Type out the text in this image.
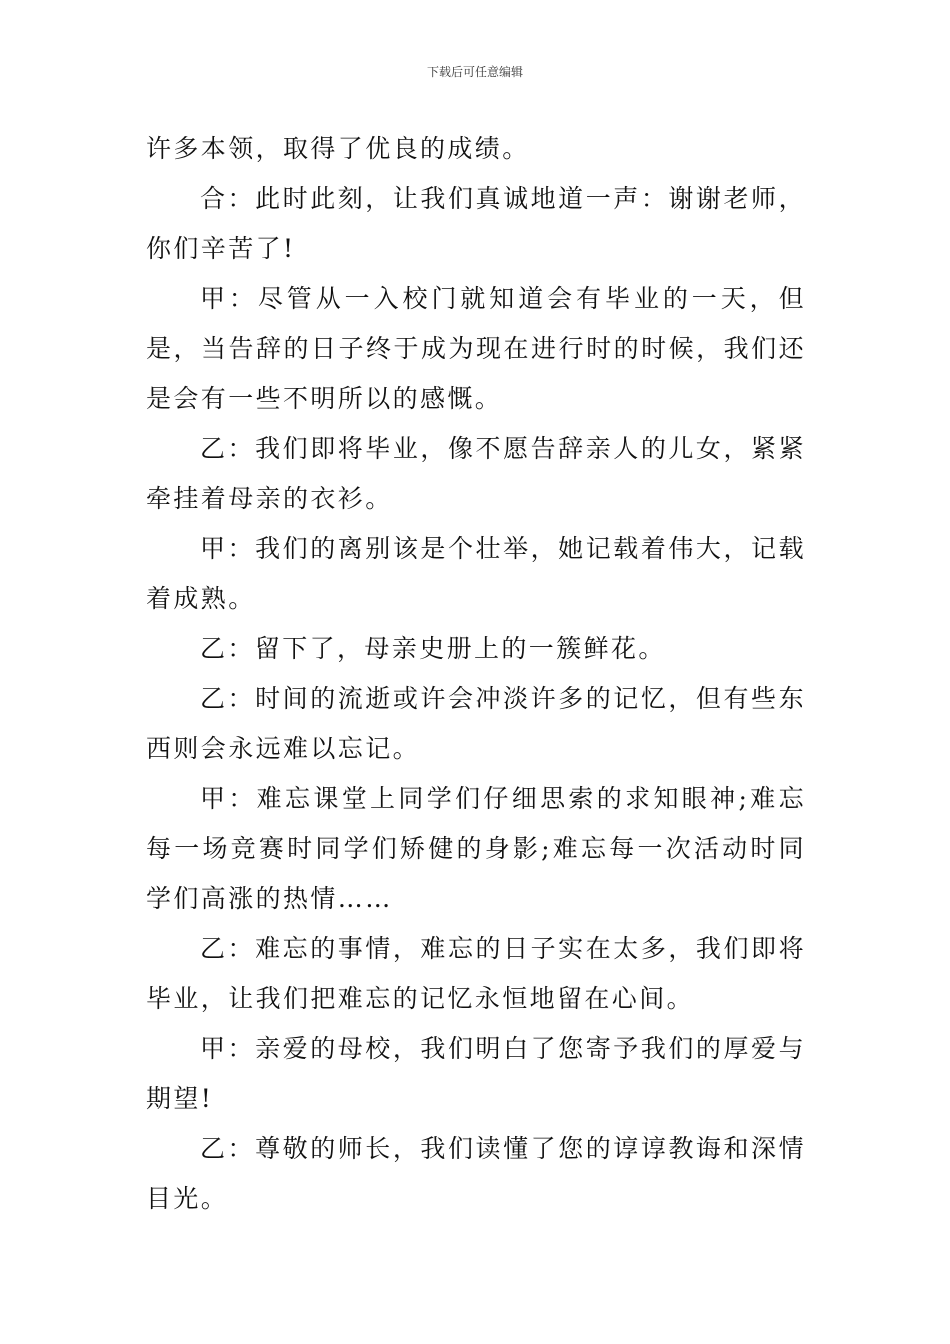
下载后可任意编辑

许多本领，取得了优良的成绩。

合：此时此刻，让我们真诚地道一声：谢谢老师，你们辛苦了!

甲：尽管从一入校门就知道会有毕业的一天，但是，当告辞的日子终于成为现在进行时的时候，我们还是会有一些不明所以的感慨。

乙：我们即将毕业，像不愿告辞亲人的儿女，紧紧牵挂着母亲的衣衫。

甲：我们的离别该是个壮举，她记载着伟大，记载着成熟。

乙：留下了，母亲史册上的一簇鲜花。

乙：时间的流逝或许会冲淡许多的记忆，但有些东西则会永远难以忘记。

甲：难忘课堂上同学们仔细思索的求知眼神;难忘每一场竞赛时同学们矫健的身影;难忘每一次活动时同学们高涨的热情……

乙：难忘的事情，难忘的日子实在太多，我们即将毕业，让我们把难忘的记忆永恒地留在心间。

甲：亲爱的母校，我们明白了您寄予我们的厚爱与期望!

乙：尊敬的师长，我们读懂了您的谆谆教诲和深情目光。
